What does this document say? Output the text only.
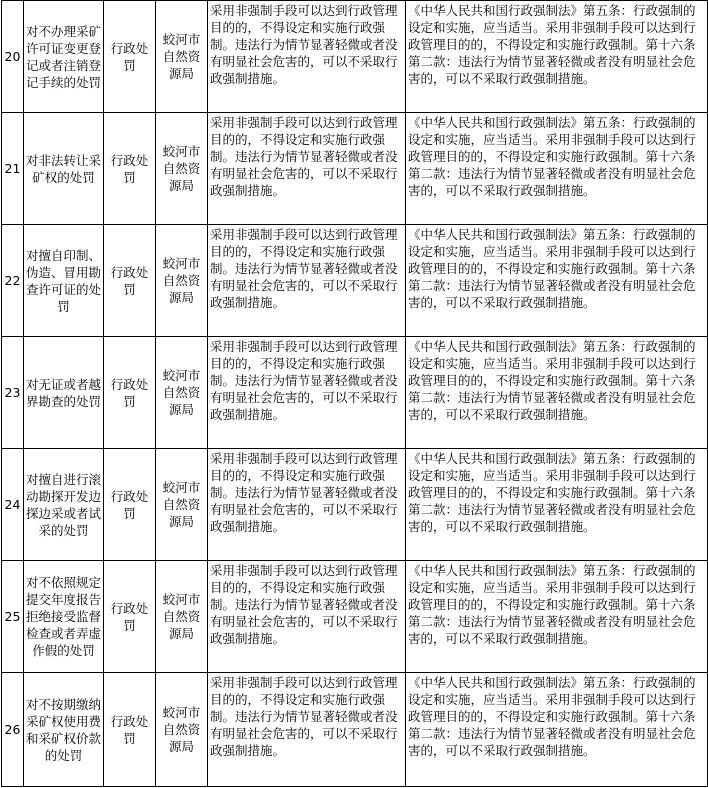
20	对不办理采矿许可证变更登记或者注销登记手续的处罚	行政处罚	蛟河市自然资源局	采用非强制手段可以达到行政管理目的的，不得设定和实施行政强制。违法行为情节显著轻微或者没有明显社会危害的，可以不采取行政强制措施。	《中华人民共和国行政强制法》第五条：行政强制的设定和实施，应当适当。采用非强制手段可以达到行政管理目的的，不得设定和实施行政强制。第十六条第二款：违法行为情节显著轻微或者没有明显社会危害的，可以不采取行政强制措施。
21	对非法转让采矿权的处罚	行政处罚	蛟河市自然资源局	采用非强制手段可以达到行政管理目的的，不得设定和实施行政强制。违法行为情节显著轻微或者没有明显社会危害的，可以不采取行政强制措施。	《中华人民共和国行政强制法》第五条：行政强制的设定和实施，应当适当。采用非强制手段可以达到行政管理目的的，不得设定和实施行政强制。第十六条第二款：违法行为情节显著轻微或者没有明显社会危害的，可以不采取行政强制措施。
22	对擅自印制、伪造、冒用勘查许可证的处罚	行政处罚	蛟河市自然资源局	采用非强制手段可以达到行政管理目的的，不得设定和实施行政强制。违法行为情节显著轻微或者没有明显社会危害的，可以不采取行政强制措施。	《中华人民共和国行政强制法》第五条：行政强制的设定和实施，应当适当。采用非强制手段可以达到行政管理目的的，不得设定和实施行政强制。第十六条第二款：违法行为情节显著轻微或者没有明显社会危害的，可以不采取行政强制措施。
23	对无证或者越界勘查的处罚	行政处罚	蛟河市自然资源局	采用非强制手段可以达到行政管理目的的，不得设定和实施行政强制。违法行为情节显著轻微或者没有明显社会危害的，可以不采取行政强制措施。	《中华人民共和国行政强制法》第五条：行政强制的设定和实施，应当适当。采用非强制手段可以达到行政管理目的的，不得设定和实施行政强制。第十六条第二款：违法行为情节显著轻微或者没有明显社会危害的，可以不采取行政强制措施。
24	对擅自进行滚动勘探开发边探边采或者试采的处罚	行政处罚	蛟河市自然资源局	采用非强制手段可以达到行政管理目的的，不得设定和实施行政强制。违法行为情节显著轻微或者没有明显社会危害的，可以不采取行政强制措施。	《中华人民共和国行政强制法》第五条：行政强制的设定和实施，应当适当。采用非强制手段可以达到行政管理目的的，不得设定和实施行政强制。第十六条第二款：违法行为情节显著轻微或者没有明显社会危害的，可以不采取行政强制措施。
25	对不依照规定提交年度报告拒绝接受监督检查或者弄虚作假的处罚	行政处罚	蛟河市自然资源局	采用非强制手段可以达到行政管理目的的，不得设定和实施行政强制。违法行为情节显著轻微或者没有明显社会危害的，可以不采取行政强制措施。	《中华人民共和国行政强制法》第五条：行政强制的设定和实施，应当适当。采用非强制手段可以达到行政管理目的的，不得设定和实施行政强制。第十六条第二款：违法行为情节显著轻微或者没有明显社会危害的，可以不采取行政强制措施。
26	对不按期缴纳采矿权使用费和采矿权价款的处罚	行政处罚	蛟河市自然资源局	采用非强制手段可以达到行政管理目的的，不得设定和实施行政强制。违法行为情节显著轻微或者没有明显社会危害的，可以不采取行政强制措施。	《中华人民共和国行政强制法》第五条：行政强制的设定和实施，应当适当。采用非强制手段可以达到行政管理目的的，不得设定和实施行政强制。第十六条第二款：违法行为情节显著轻微或者没有明显社会危害的，可以不采取行政强制措施。
